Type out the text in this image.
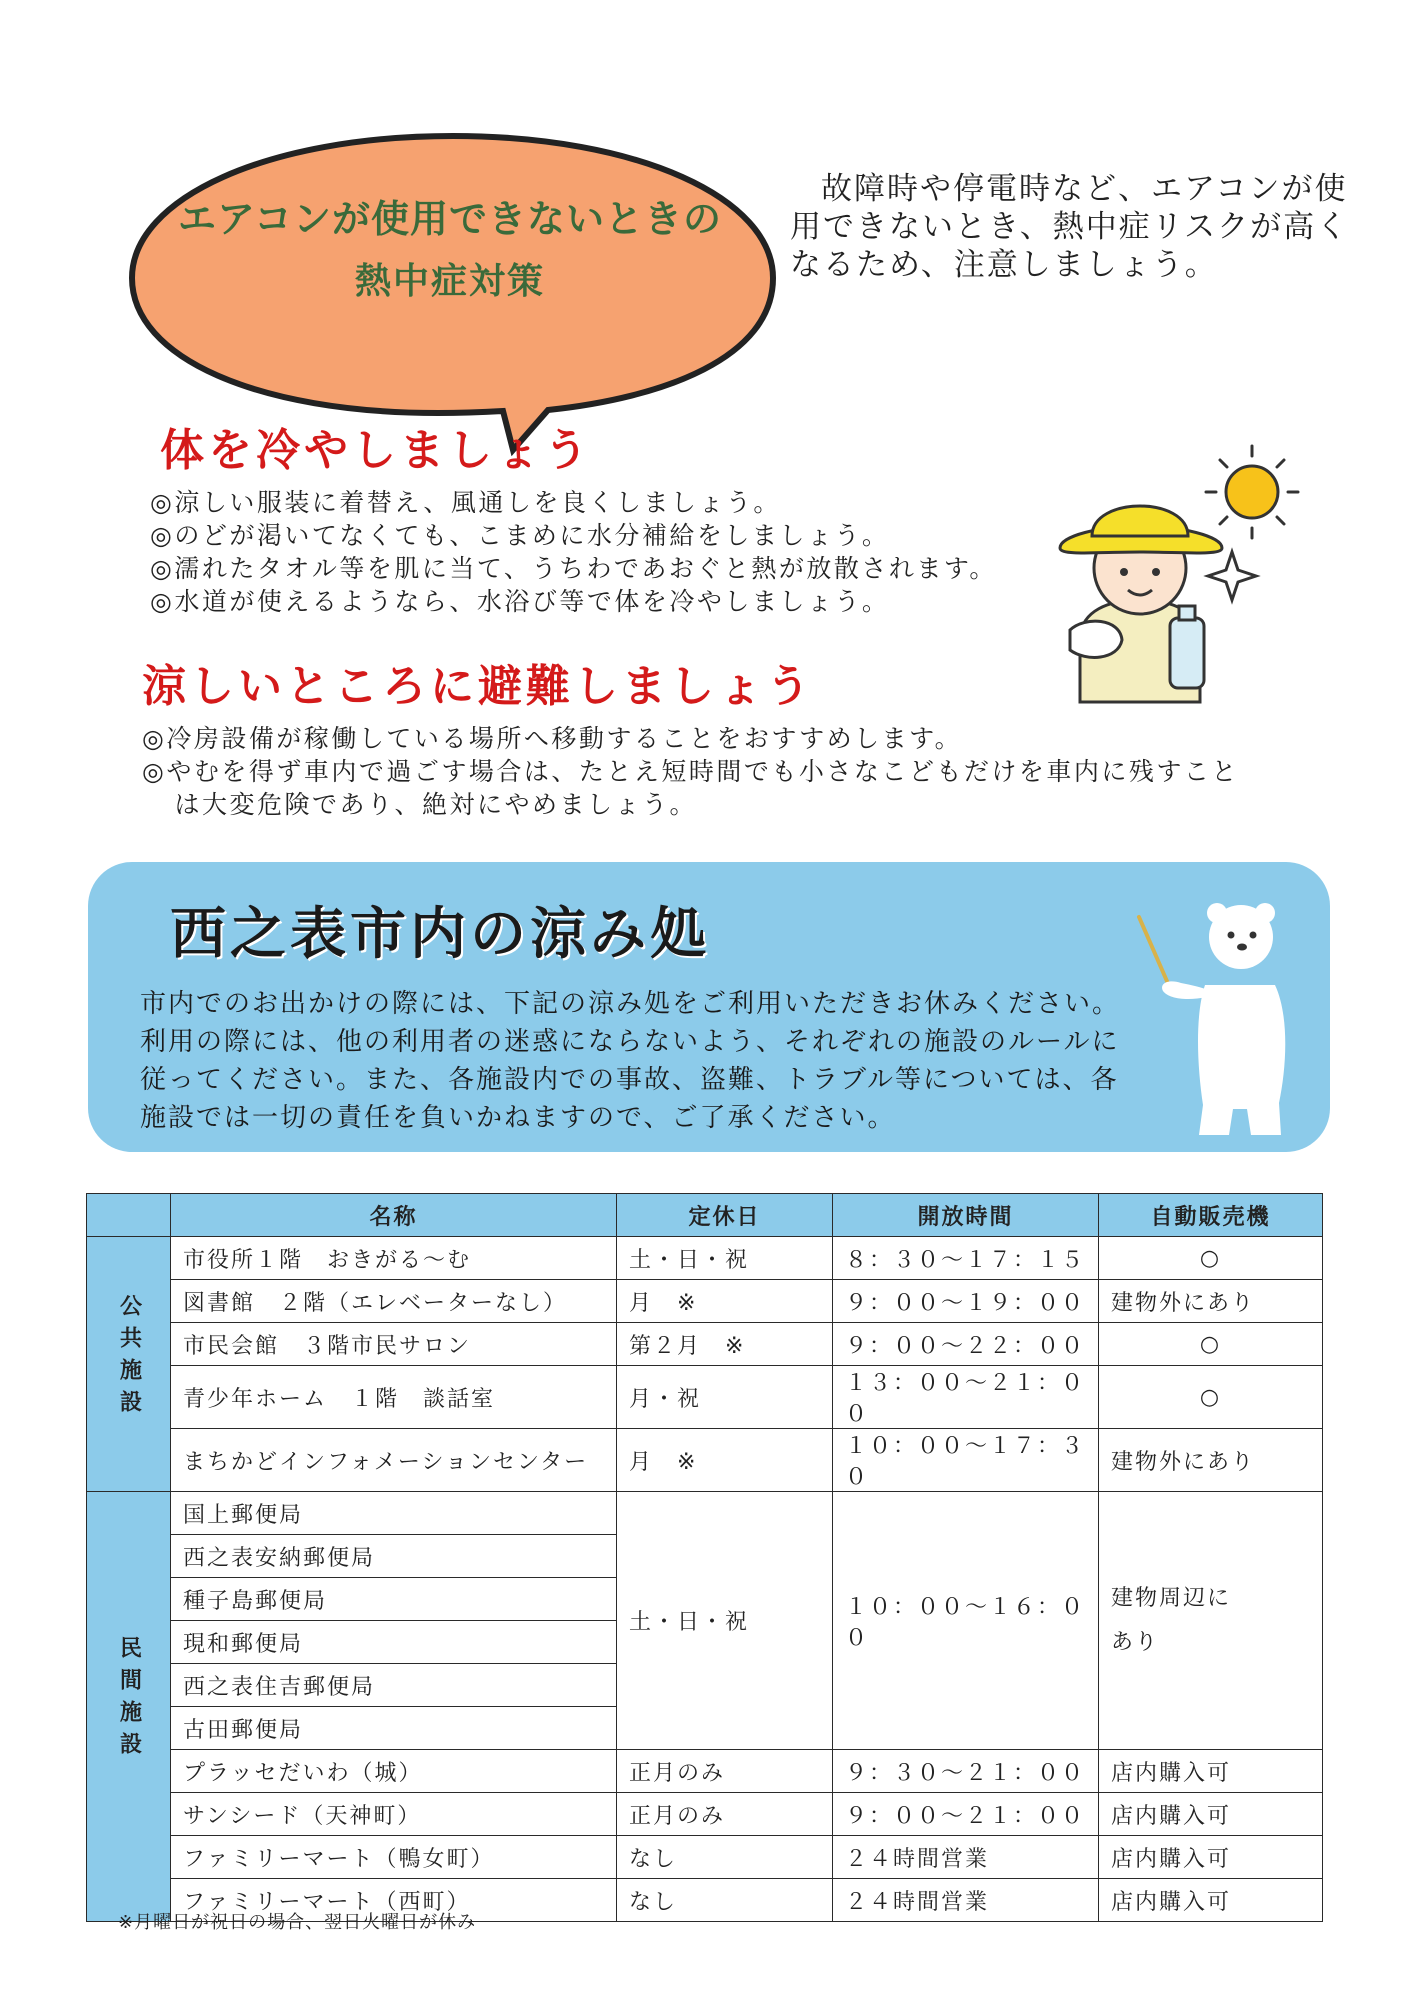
エアコンが使用できないときの
熱中症対策
故障時や停電時など、エアコンが使用できないとき、熱中症リスクが高くなるため、注意しましょう。
体を冷やしましょう
◎涼しい服装に着替え、風通しを良くしましょう。
◎のどが渇いてなくても、こまめに水分補給をしましょう。
◎濡れたタオル等を肌に当て、うちわであおぐと熱が放散されます。
◎水道が使えるようなら、水浴び等で体を冷やしましょう。
涼しいところに避難しましょう
◎冷房設備が稼働している場所へ移動することをおすすめします。
◎やむを得ず車内で過ごす場合は、たとえ短時間でも小さなこどもだけを車内に残すこと
は大変危険であり、絶対にやめましょう。
西之表市内の涼み処

市内でのお出かけの際には、下記の涼み処をご利用いただきお休みください。

利用の際には、他の利用者の迷惑にならないよう、それぞれの施設のルールに

従ってください。また、各施設内での事故、盗難、トラブル等については、各

施設では一切の責任を負いかねますので、ご了承ください。

	名称	定休日	開放時間	自動販売機
公共施設	市役所１階　おきがる～む	土・日・祝	８：３０～１７：１５	○
	図書館　２階（エレベーターなし）	月　※	９：００～１９：００	建物外にあり
	市民会館　３階市民サロン	第２月　※	９：００～２２：００	○
	青少年ホーム　１階　談話室	月・祝	１３：００～２１：００	○
	まちかどインフォメーションセンター	月　※	１０：００～１７：３０	建物外にあり
民間施設	国上郵便局	土・日・祝	１０：００～１６：００	建物周辺に
あり

	西之表安納郵便局			
	種子島郵便局			
	現和郵便局			
	西之表住吉郵便局			
	古田郵便局			
	プラッセだいわ（城）	正月のみ	９：３０～２１：００	店内購入可
	サンシード（天神町）	正月のみ	９：００～２１：００	店内購入可
	ファミリーマート（鴨女町）	なし	２４時間営業	店内購入可
	ファミリーマート（西町）	なし	２４時間営業	店内購入可
※月曜日が祝日の場合、翌日火曜日が休み
